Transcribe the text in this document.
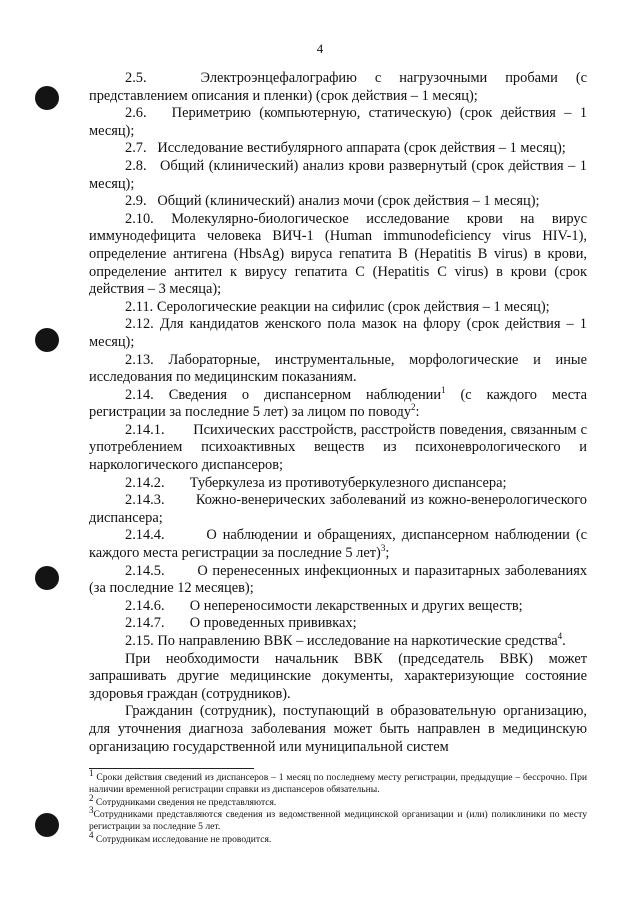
4

2.5.	Электроэнцефалографию с нагрузочными пробами (с представлением описания и пленки) (срок действия – 1 месяц);

2.6. Периметрию (компьютерную, статическую) (срок действия – 1 месяц);

2.7. Исследование вестибулярного аппарата (срок действия – 1 месяц);

2.8. Общий (клинический) анализ крови развернутый (срок действия – 1 месяц);

2.9. Общий (клинический) анализ мочи (срок действия – 1 месяц);

2.10. Молекулярно-биологическое исследование крови на вирус иммунодефицита человека ВИЧ-1 (Human immunodeficiency virus HIV-1), определение антигена (HbsAg) вируса гепатита В (Hepatitis В virus) в крови, определение антител к вирусу гепатита С (Hepatitis C virus) в крови (срок действия – 3 месяца);

2.11. Серологические реакции на сифилис (срок действия – 1 месяц);

2.12. Для кандидатов женского пола мазок на флору (срок действия – 1 месяц);

2.13. Лабораторные, инструментальные, морфологические и иные исследования по медицинским показаниям.

2.14. Сведения о диспансерном наблюдении$^1$ (с каждого места регистрации за последние 5 лет) за лицом по поводу$^2$:

2.14.1. Психических расстройств, расстройств поведения, связанным с употреблением психоактивных веществ из психоневрологического и наркологического диспансеров;

2.14.2. Туберкулеза из противотуберкулезного диспансера;

2.14.3. Кожно-венерических заболеваний из кожно-венерологического диспансера;

2.14.4.	О наблюдении и обращениях, диспансерном наблюдении (с каждого места регистрации за последние 5 лет)$^3$;

2.14.5. О перенесенных инфекционных и паразитарных заболеваниях (за последние 12 месяцев);

2.14.6. О непереносимости лекарственных и других веществ;

2.14.7. О проведенных прививках;

2.15. По направлению ВВК – исследование на наркотические средства$^4$.

При необходимости начальник ВВК (председатель ВВК) может запрашивать другие медицинские документы, характеризующие состояние здоровья граждан (сотрудников).

Гражданин (сотрудник), поступающий в образовательную организацию, для уточнения диагноза заболевания может быть направлен в медицинскую организацию государственной или муниципальной систем

$^1$ Сроки действия сведений из диспансеров – 1 месяц по последнему месту регистрации, предыдущие – бессрочно. При наличии временной регистрации справки из диспансеров обязательны.

$^2$ Сотрудниками сведения не представляются.

$^3$Сотрудниками представляются сведения из ведомственной медицинской организации и (или) поликлиники по месту регистрации за последние 5 лет.

$^4$ Сотрудникам исследование не проводится.
